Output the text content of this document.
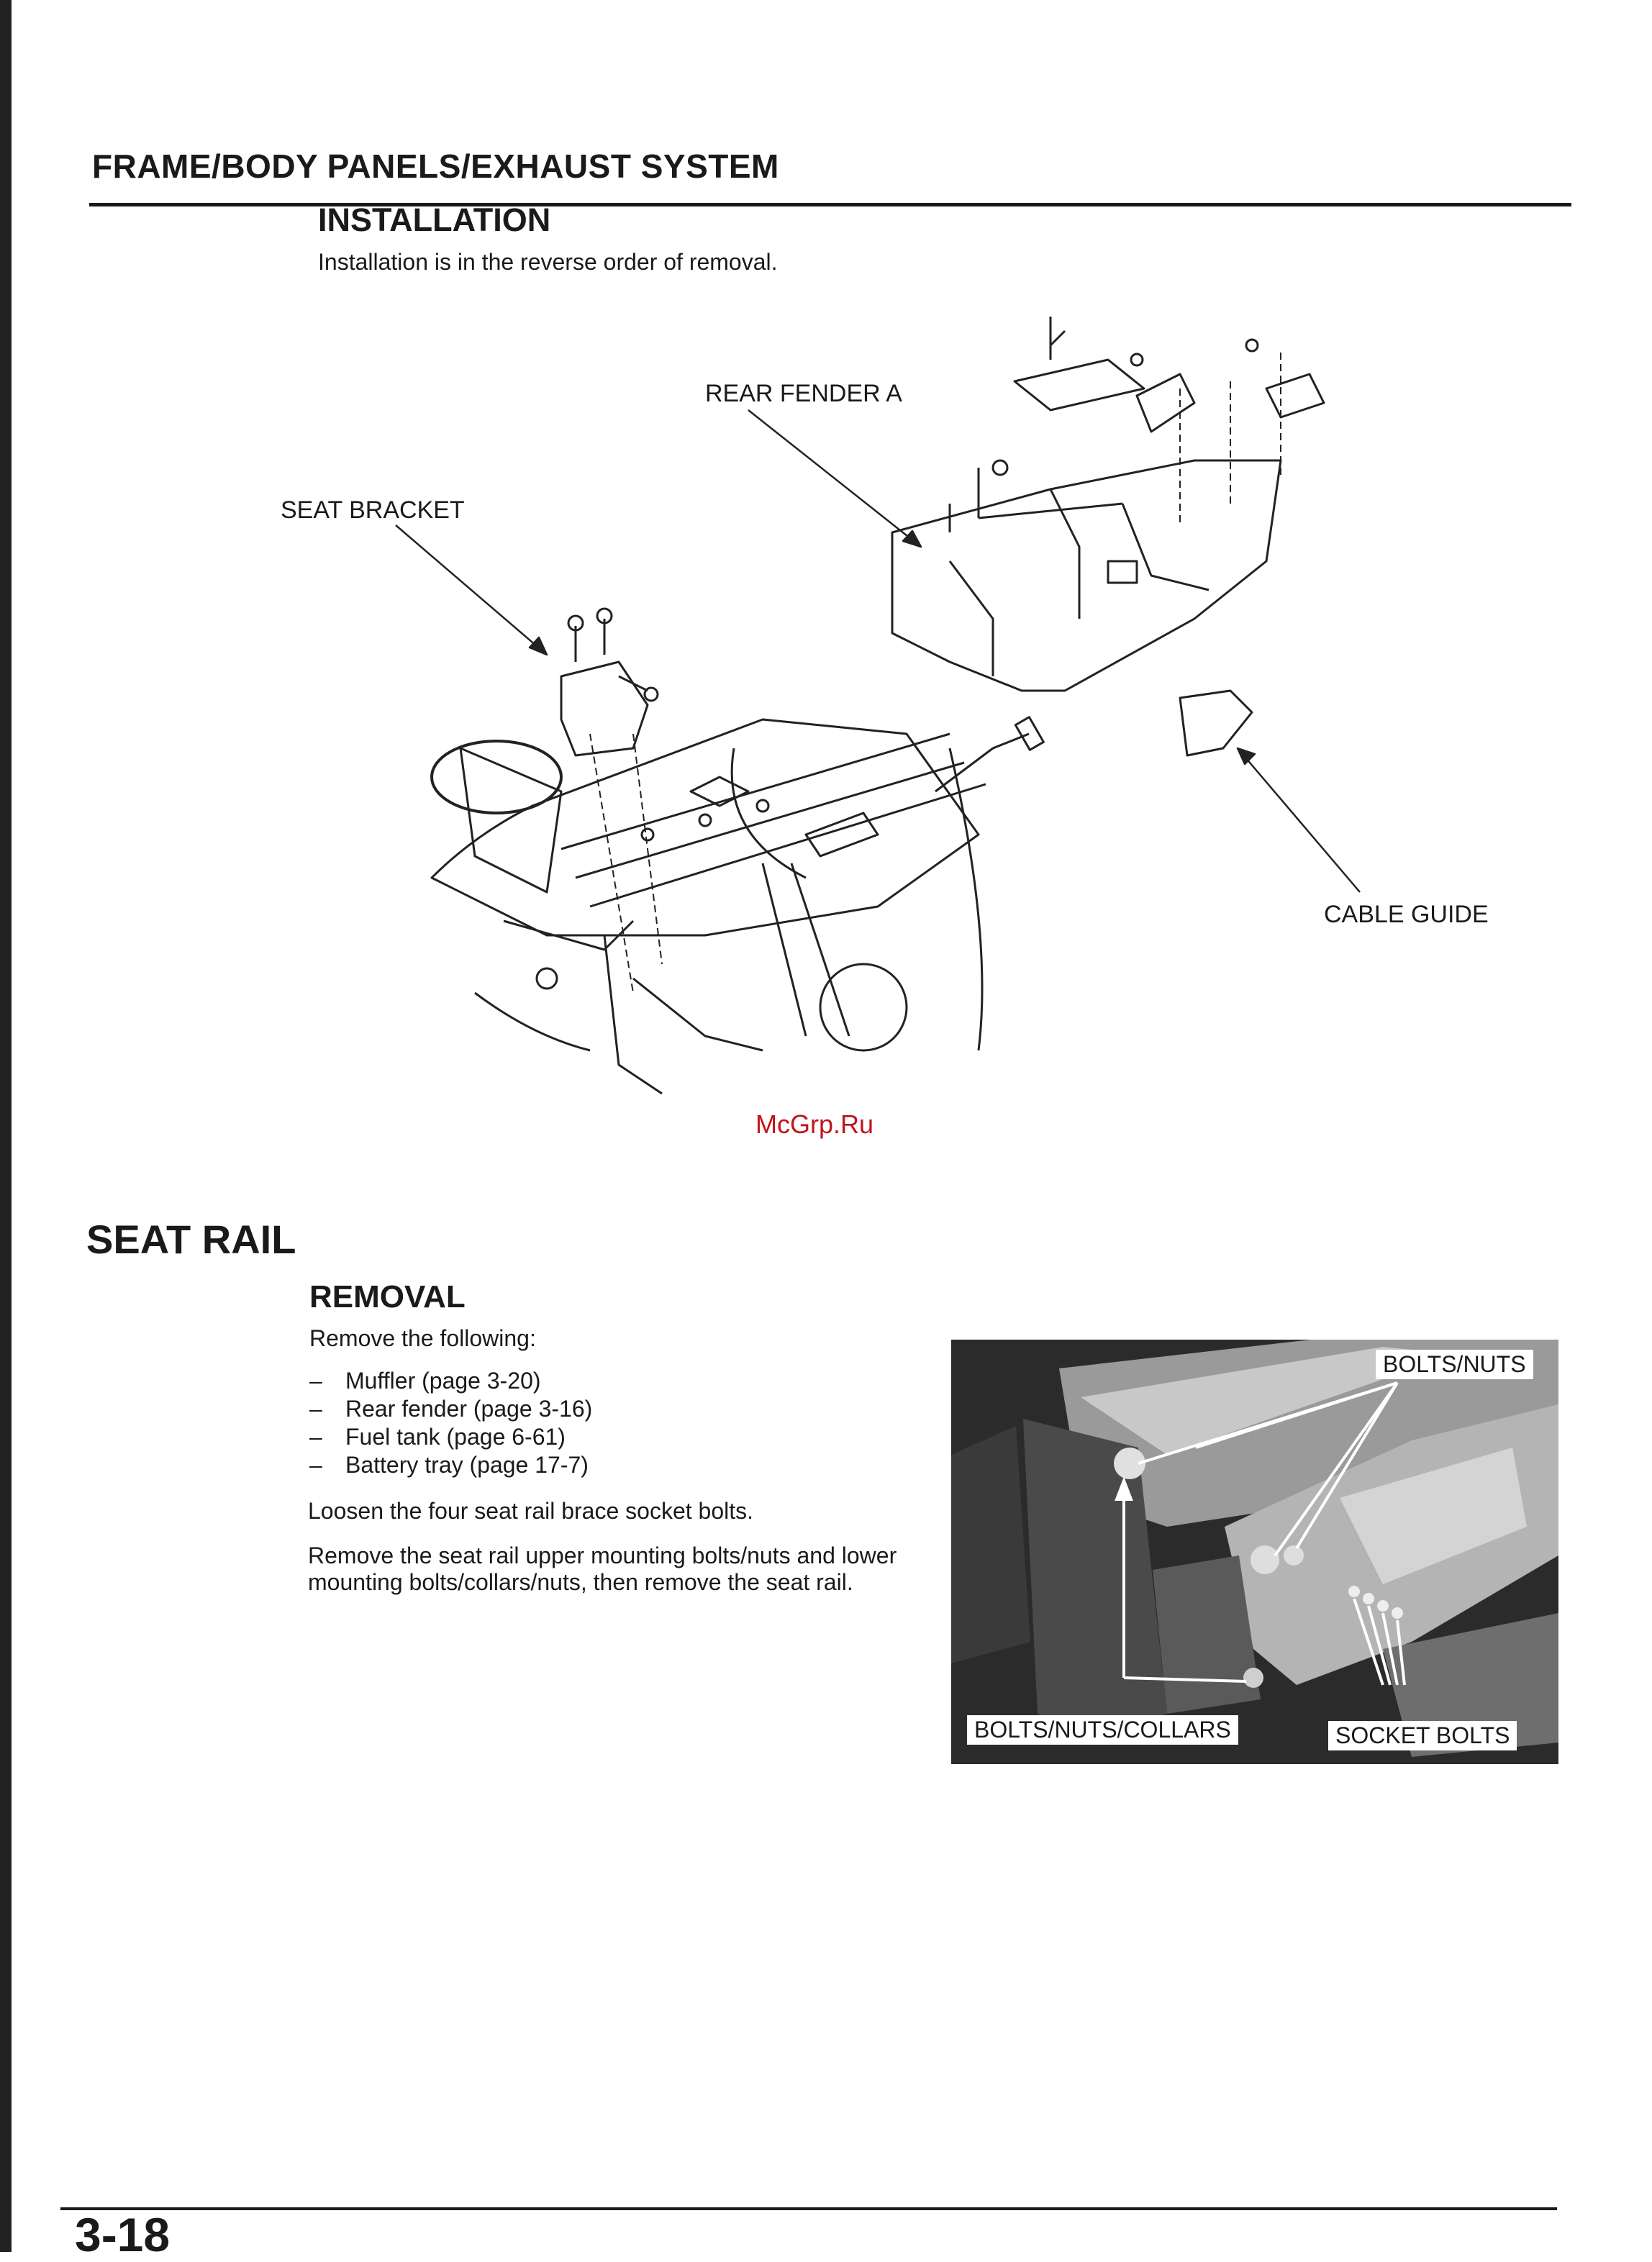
FRAME/BODY PANELS/EXHAUST SYSTEM
INSTALLATION
Installation is in the reverse order of removal.
REAR FENDER A
SEAT BRACKET
CABLE GUIDE
McGrp.Ru
SEAT RAIL
REMOVAL
Remove the following:
– Muffler (page 3-20)
– Rear fender (page 3-16)
– Fuel tank (page 6-61)
– Battery tray (page 17-7)
Loosen the four seat rail brace socket bolts.
Remove the seat rail upper mounting bolts/nuts and lower mounting bolts/collars/nuts, then remove the seat rail.
BOLTS/NUTS
BOLTS/NUTS/COLLARS	SOCKET BOLTS
3-18
